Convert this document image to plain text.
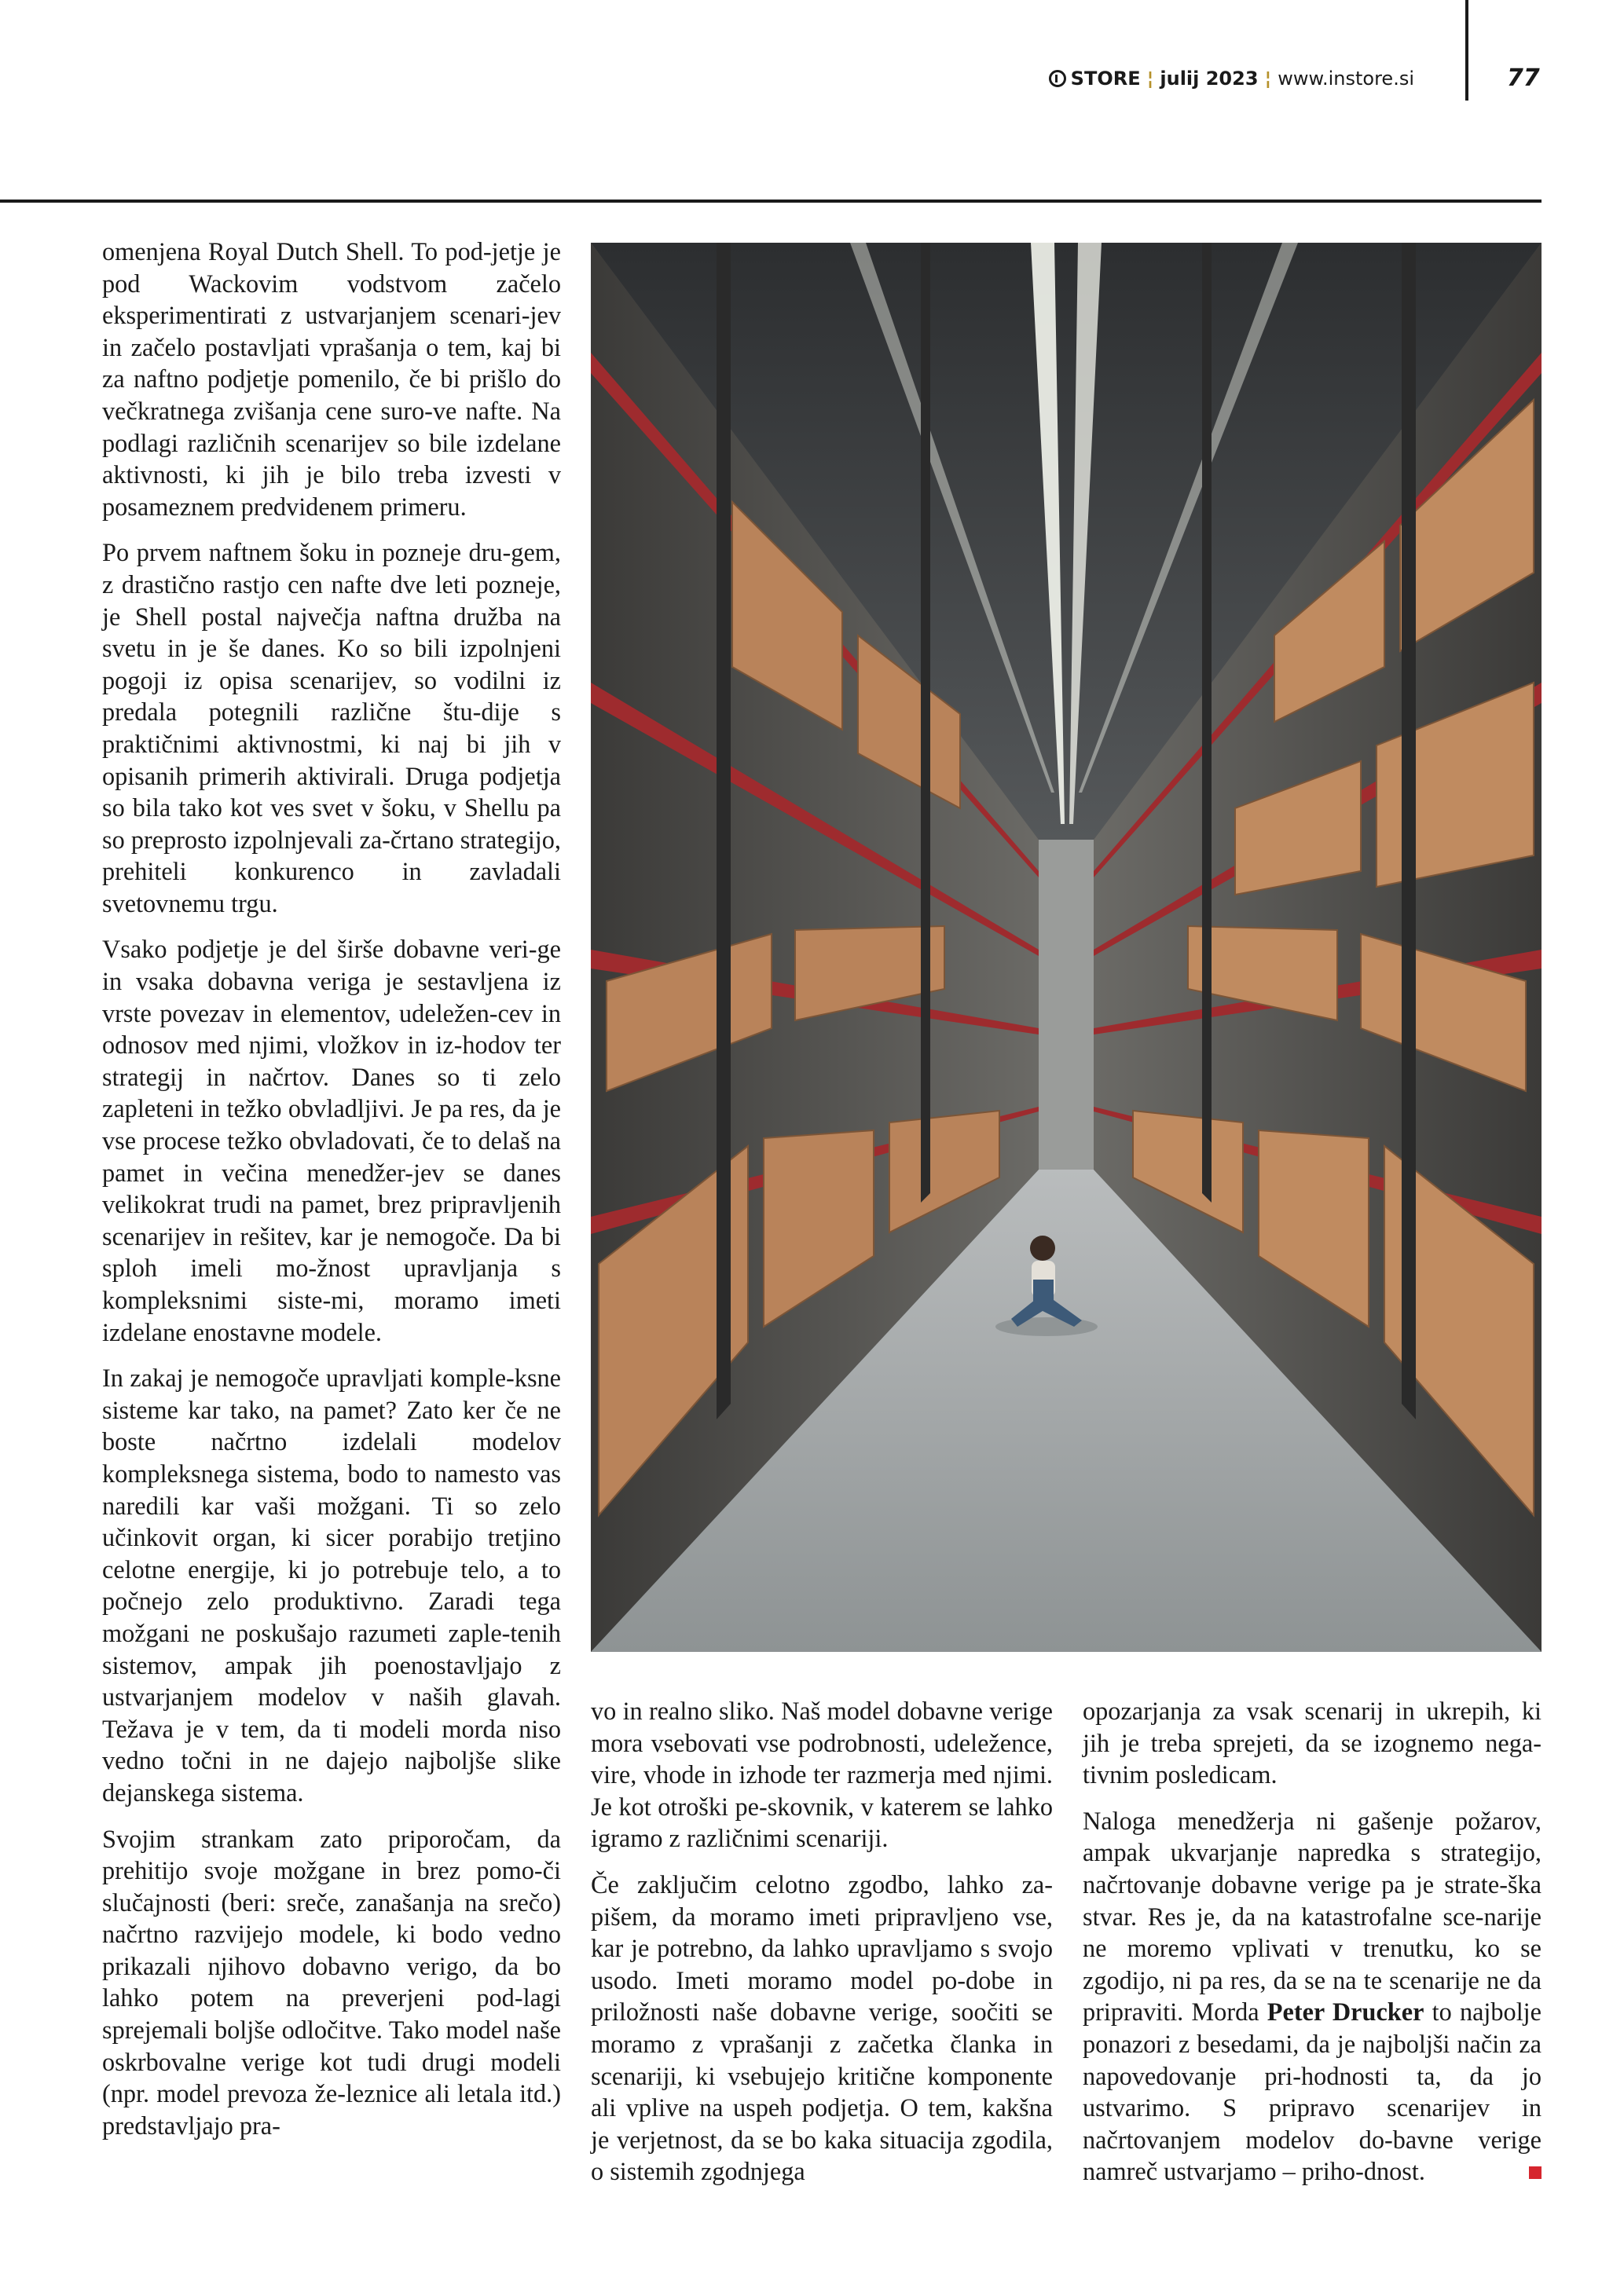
STORE ¦ julij 2023 ¦ www.instore.si	77

omenjena Royal Dutch Shell. To pod-jetje je pod Wackovim vodstvom začelo eksperimentirati z ustvarjanjem scenari-jev in začelo postavljati vprašanja o tem, kaj bi za naftno podjetje pomenilo, če bi prišlo do večkratnega zvišanja cene suro-ve nafte. Na podlagi različnih scenarijev so bile izdelane aktivnosti, ki jih je bilo treba izvesti v posameznem predvidenem primeru.

Po prvem naftnem šoku in pozneje dru-gem, z drastično rastjo cen nafte dve leti pozneje, je Shell postal največja naftna družba na svetu in je še danes. Ko so bili izpolnjeni pogoji iz opisa scenarijev, so vodilni iz predala potegnili različne štu-dije s praktičnimi aktivnostmi, ki naj bi jih v opisanih primerih aktivirali. Druga podjetja so bila tako kot ves svet v šoku, v Shellu pa so preprosto izpolnjevali za-črtano strategijo, prehiteli konkurenco in zavladali svetovnemu trgu.

Vsako podjetje je del širše dobavne veri-ge in vsaka dobavna veriga je sestavljena iz vrste povezav in elementov, udeležen-cev in odnosov med njimi, vložkov in iz-hodov ter strategij in načrtov. Danes so ti zelo zapleteni in težko obvladljivi. Je pa res, da je vse procese težko obvladovati, če to delaš na pamet in večina menedžer-jev se danes velikokrat trudi na pamet, brez pripravljenih scenarijev in rešitev, kar je nemogoče. Da bi sploh imeli mo-žnost upravljanja s kompleksnimi siste-mi, moramo imeti izdelane enostavne modele.

In zakaj je nemogoče upravljati komple-ksne sisteme kar tako, na pamet? Zato ker če ne boste načrtno izdelali modelov kompleksnega sistema, bodo to namesto vas naredili kar vaši možgani. Ti so zelo učinkovit organ, ki sicer porabijo tretjino celotne energije, ki jo potrebuje telo, a to počnejo zelo produktivno. Zaradi tega možgani ne poskušajo razumeti zaple-tenih sistemov, ampak jih poenostavljajo z ustvarjanjem modelov v naših glavah. Težava je v tem, da ti modeli morda niso vedno točni in ne dajejo najboljše slike dejanskega sistema.

Svojim strankam zato priporočam, da prehitijo svoje možgane in brez pomo-či slučajnosti (beri: sreče, zanašanja na srečo) načrtno razvijejo modele, ki bodo vedno prikazali njihovo dobavno verigo, da bo lahko potem na preverjeni pod-lagi sprejemali boljše odločitve. Tako model naše oskrbovalne verige kot tudi drugi modeli (npr. model prevoza že-leznice ali letala itd.) predstavljajo pra-

vo in realno sliko. Naš model dobavne verige mora vsebovati vse podrobnosti, udeležence, vire, vhode in izhode ter razmerja med njimi. Je kot otroški pe-skovnik, v katerem se lahko igramo z različnimi scenariji.

Če zaključim celotno zgodbo, lahko za-pišem, da moramo imeti pripravljeno vse, kar je potrebno, da lahko upravljamo s svojo usodo. Imeti moramo model po-dobe in priložnosti naše dobavne verige, soočiti se moramo z vprašanji z začetka članka in scenariji, ki vsebujejo kritične komponente ali vplive na uspeh podjetja. O tem, kakšna je verjetnost, da se bo kaka situacija zgodila, o sistemih zgodnjega

opozarjanja za vsak scenarij in ukrepih, ki jih je treba sprejeti, da se izognemo nega-tivnim posledicam.

Naloga menedžerja ni gašenje požarov, ampak ukvarjanje napredka s strategijo, načrtovanje dobavne verige pa je strate-ška stvar. Res je, da na katastrofalne sce-narije ne moremo vplivati v trenutku, ko se zgodijo, ni pa res, da se na te scenarije ne da pripraviti. Morda Peter Drucker to najbolje ponazori z besedami, da je najboljši način za napovedovanje pri-hodnosti ta, da jo ustvarimo. S pripravo scenarijev in načrtovanjem modelov do-bavne verige namreč ustvarjamo – priho-dnost.
